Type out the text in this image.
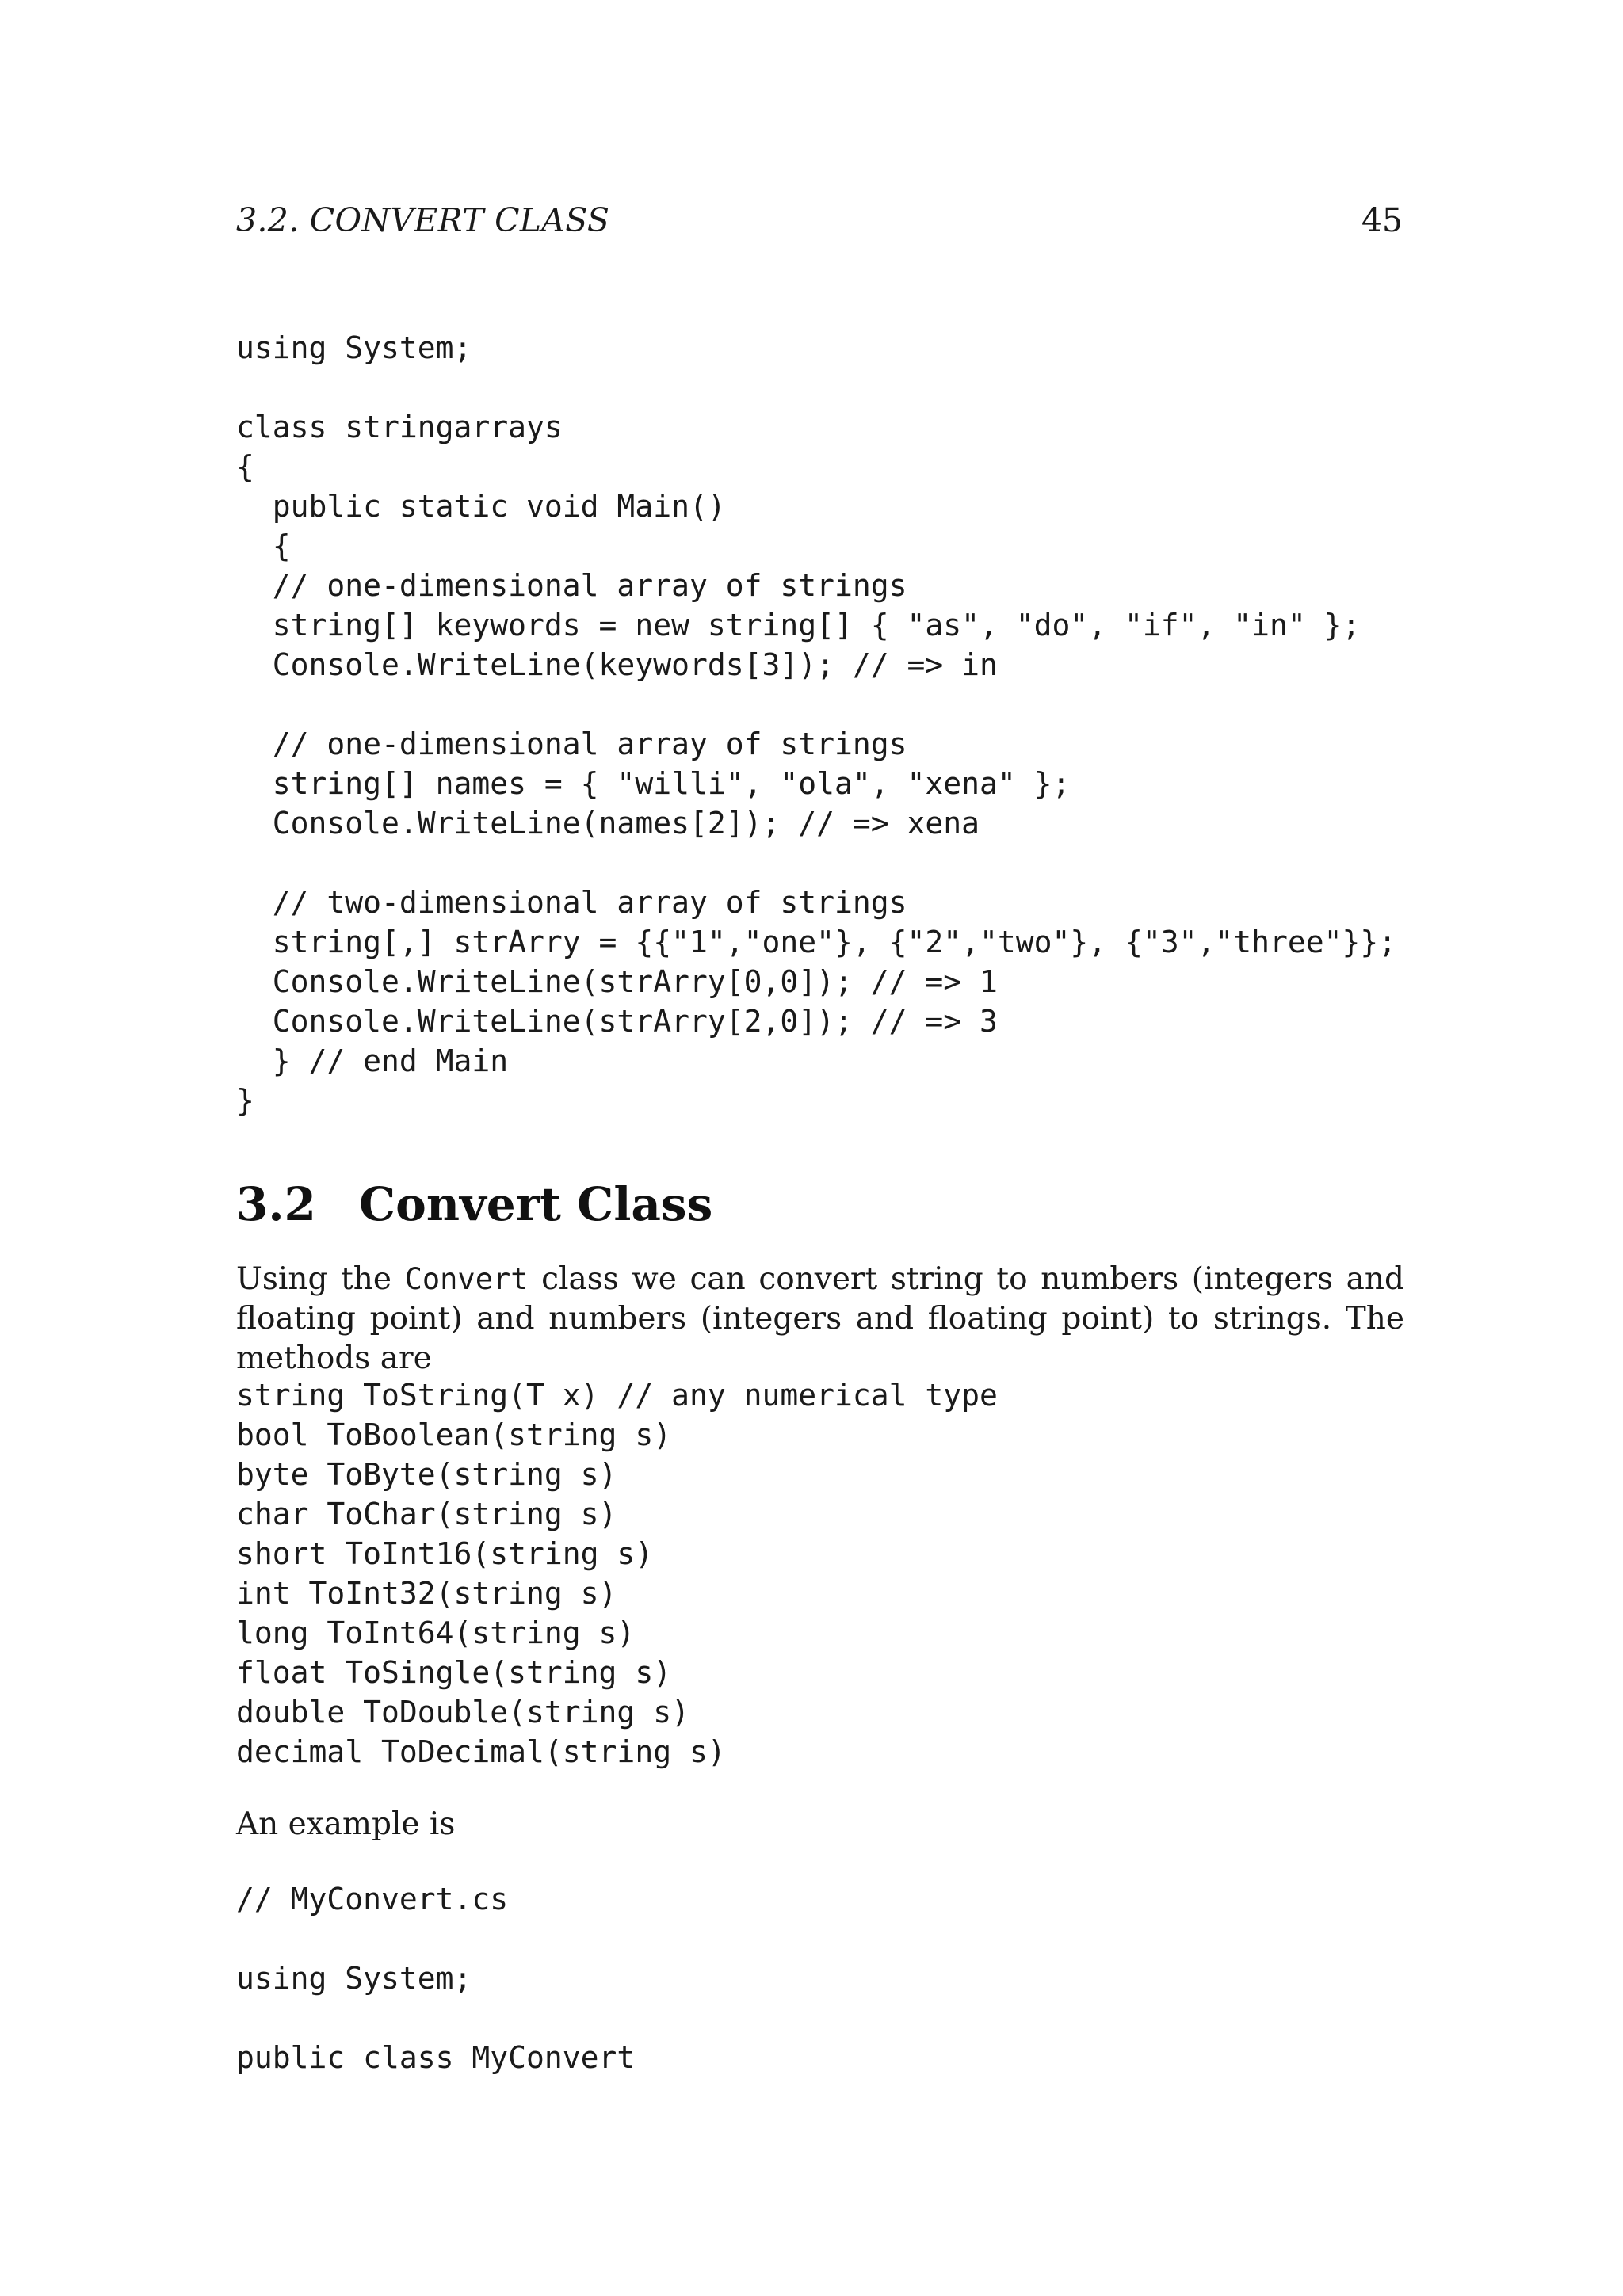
3.2. CONVERT CLASS	45
using System;
class stringarrays
{
public static void Main()
{
// one-dimensional array of strings
string[] keywords = new string[] { "as", "do", "if", "in" };
Console.WriteLine(keywords[3]); // => in
// one-dimensional array of strings
string[] names = { "willi", "ola", "xena" };
Console.WriteLine(names[2]); // => xena
// two-dimensional array of strings
string[,] strArry = {{"1","one"}, {"2","two"}, {"3","three"}};
Console.WriteLine(strArry[0,0]); // => 1
Console.WriteLine(strArry[2,0]); // => 3
} // end Main
}
3.2 Convert Class

Using the Convert class we can convert string to numbers (integers and floating point) and numbers (integers and floating point) to strings. The methods are

string ToString(T x) // any numerical type
bool ToBoolean(string s)
byte ToByte(string s)
char ToChar(string s)
short ToInt16(string s)
int ToInt32(string s)
long ToInt64(string s)
float ToSingle(string s)
double ToDouble(string s)
decimal ToDecimal(string s)

An example is

// MyConvert.cs
using System;
public class MyConvert
